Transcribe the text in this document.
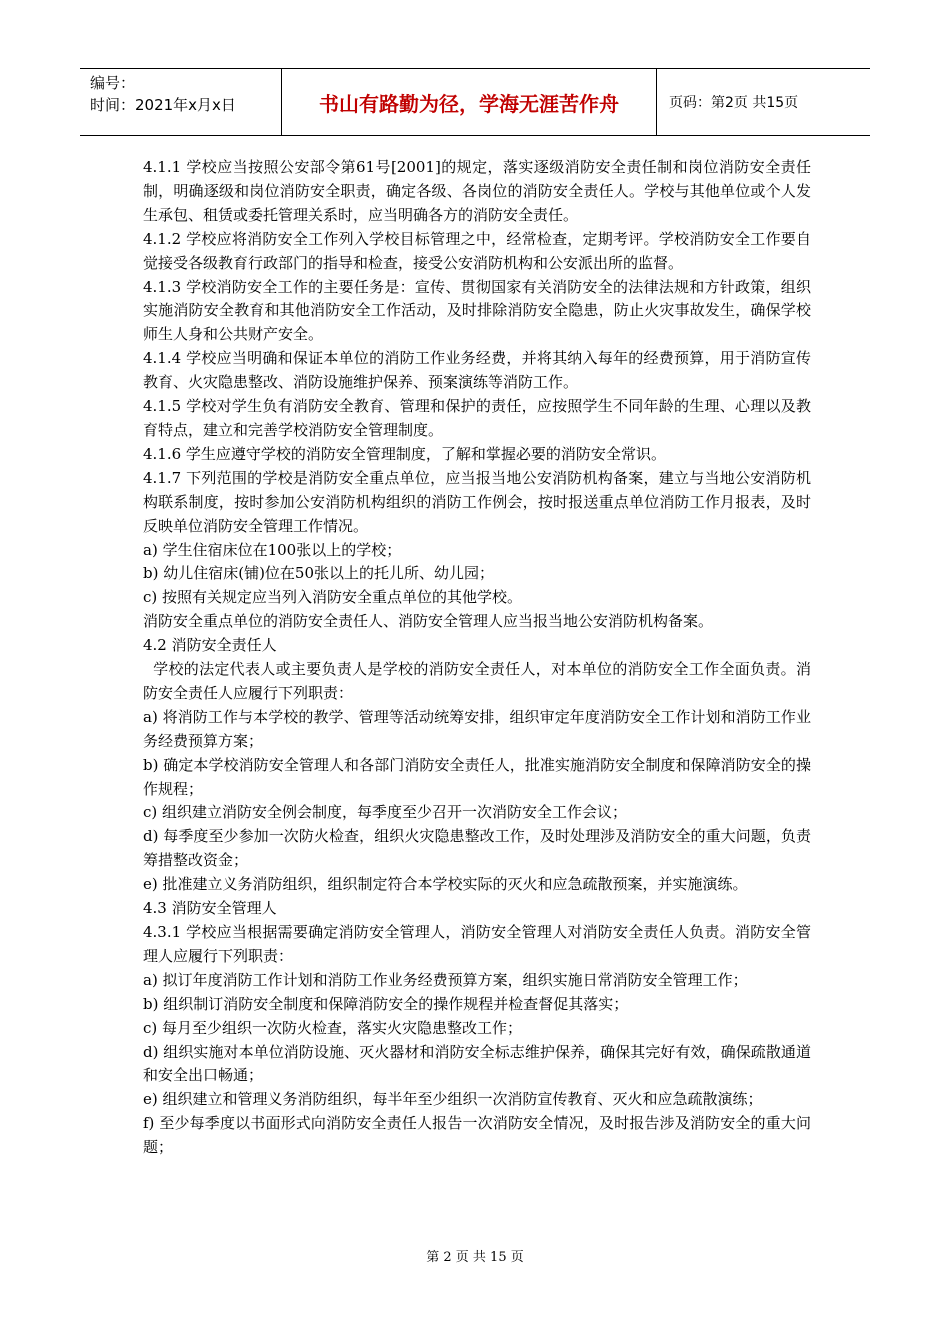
编号：
时间：2021年x月x日	书山有路勤为径，学海无涯苦作舟	页码：第2页 共15页

4.1.1 学校应当按照公安部令第61号[2001]的规定，落实逐级消防安全责任制和岗位消防安全责任制，明确逐级和岗位消防安全职责，确定各级、各岗位的消防安全责任人。学校与其他单位或个人发生承包、租赁或委托管理关系时，应当明确各方的消防安全责任。

4.1.2 学校应将消防安全工作列入学校目标管理之中，经常检查，定期考评。学校消防安全工作要自觉接受各级教育行政部门的指导和检查，接受公安消防机构和公安派出所的监督。

4.1.3 学校消防安全工作的主要任务是：宣传、贯彻国家有关消防安全的法律法规和方针政策，组织实施消防安全教育和其他消防安全工作活动，及时排除消防安全隐患，防止火灾事故发生，确保学校师生人身和公共财产安全。

4.1.4 学校应当明确和保证本单位的消防工作业务经费，并将其纳入每年的经费预算，用于消防宣传教育、火灾隐患整改、消防设施维护保养、预案演练等消防工作。

4.1.5 学校对学生负有消防安全教育、管理和保护的责任，应按照学生不同年龄的生理、心理以及教育特点，建立和完善学校消防安全管理制度。

4.1.6 学生应遵守学校的消防安全管理制度，了解和掌握必要的消防安全常识。

4.1.7 下列范围的学校是消防安全重点单位，应当报当地公安消防机构备案，建立与当地公安消防机构联系制度，按时参加公安消防机构组织的消防工作例会，按时报送重点单位消防工作月报表，及时反映单位消防安全管理工作情况。

a) 学生住宿床位在100张以上的学校；

b) 幼儿住宿床(铺)位在50张以上的托儿所、幼儿园；

c) 按照有关规定应当列入消防安全重点单位的其他学校。

消防安全重点单位的消防安全责任人、消防安全管理人应当报当地公安消防机构备案。

4.2 消防安全责任人

学校的法定代表人或主要负责人是学校的消防安全责任人，对本单位的消防安全工作全面负责。消防安全责任人应履行下列职责：

a) 将消防工作与本学校的教学、管理等活动统筹安排，组织审定年度消防安全工作计划和消防工作业务经费预算方案；

b) 确定本学校消防安全管理人和各部门消防安全责任人，批准实施消防安全制度和保障消防安全的操作规程；

c) 组织建立消防安全例会制度，每季度至少召开一次消防安全工作会议；

d) 每季度至少参加一次防火检查，组织火灾隐患整改工作，及时处理涉及消防安全的重大问题，负责筹措整改资金；

e) 批准建立义务消防组织，组织制定符合本学校实际的灭火和应急疏散预案，并实施演练。

4.3 消防安全管理人

4.3.1 学校应当根据需要确定消防安全管理人，消防安全管理人对消防安全责任人负责。消防安全管理人应履行下列职责：

a) 拟订年度消防工作计划和消防工作业务经费预算方案，组织实施日常消防安全管理工作；

b) 组织制订消防安全制度和保障消防安全的操作规程并检查督促其落实；

c) 每月至少组织一次防火检查，落实火灾隐患整改工作；

d) 组织实施对本单位消防设施、灭火器材和消防安全标志维护保养，确保其完好有效，确保疏散通道和安全出口畅通；

e) 组织建立和管理义务消防组织，每半年至少组织一次消防宣传教育、灭火和应急疏散演练；

f) 至少每季度以书面形式向消防安全责任人报告一次消防安全情况，及时报告涉及消防安全的重大问题；

第 2 页 共 15 页
